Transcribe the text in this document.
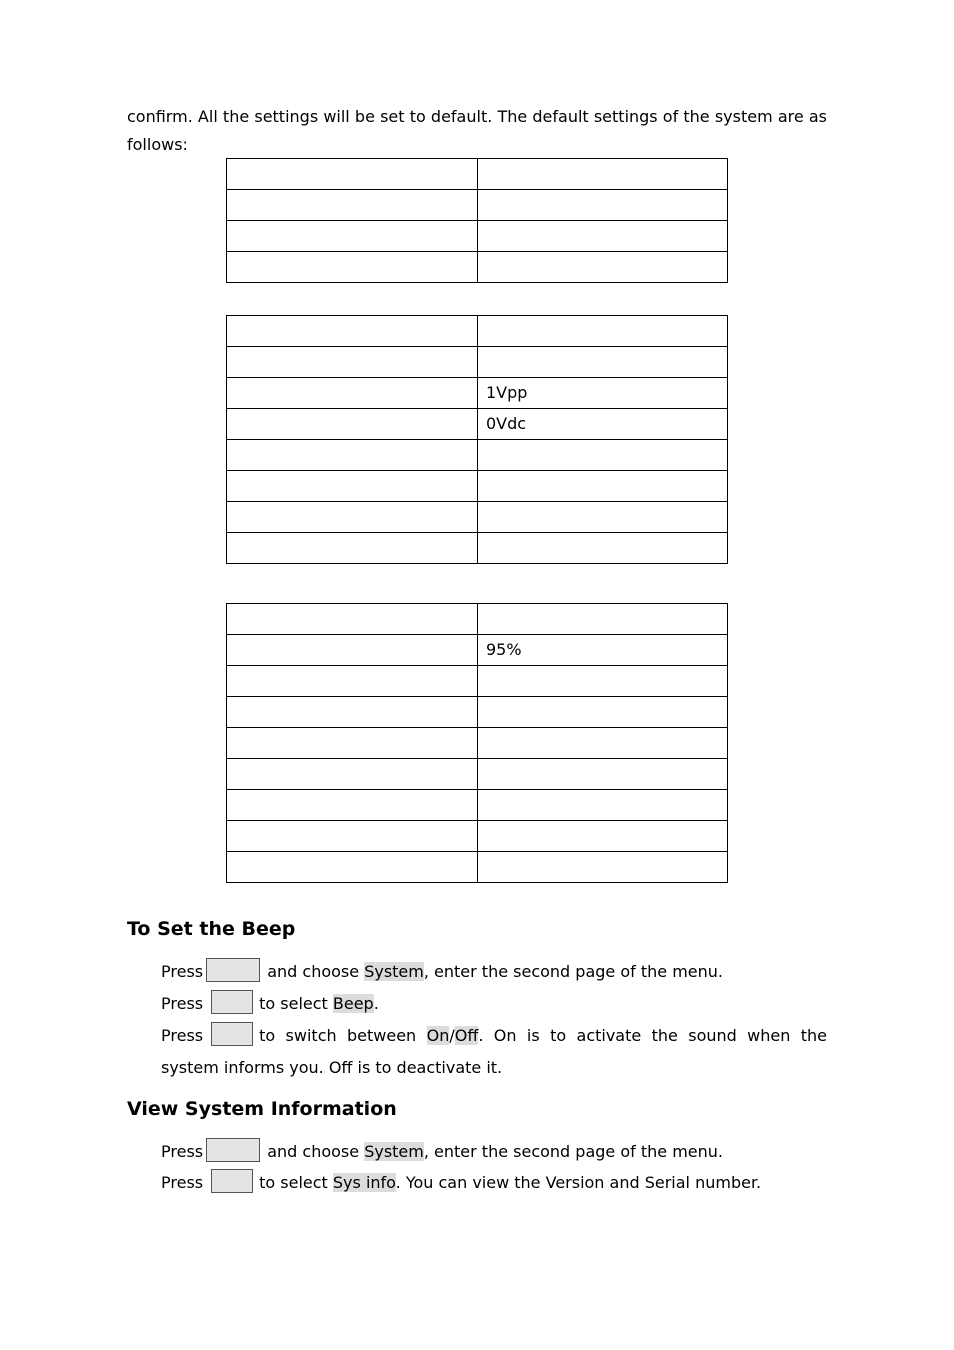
confirm. All the settings will be set to default. The default settings of the system are as follows:

	1Vpp
	0Vdc

	95%

To Set the Beep

Press	and choose System, enter the second page of the menu.

Press	to select Beep.

Press	to switch between On/Off. On is to activate the sound when the system informs you. Off is to deactivate it.

View System Information

Press	and choose System, enter the second page of the menu.

Press	to select Sys info. You can view the Version and Serial number.
